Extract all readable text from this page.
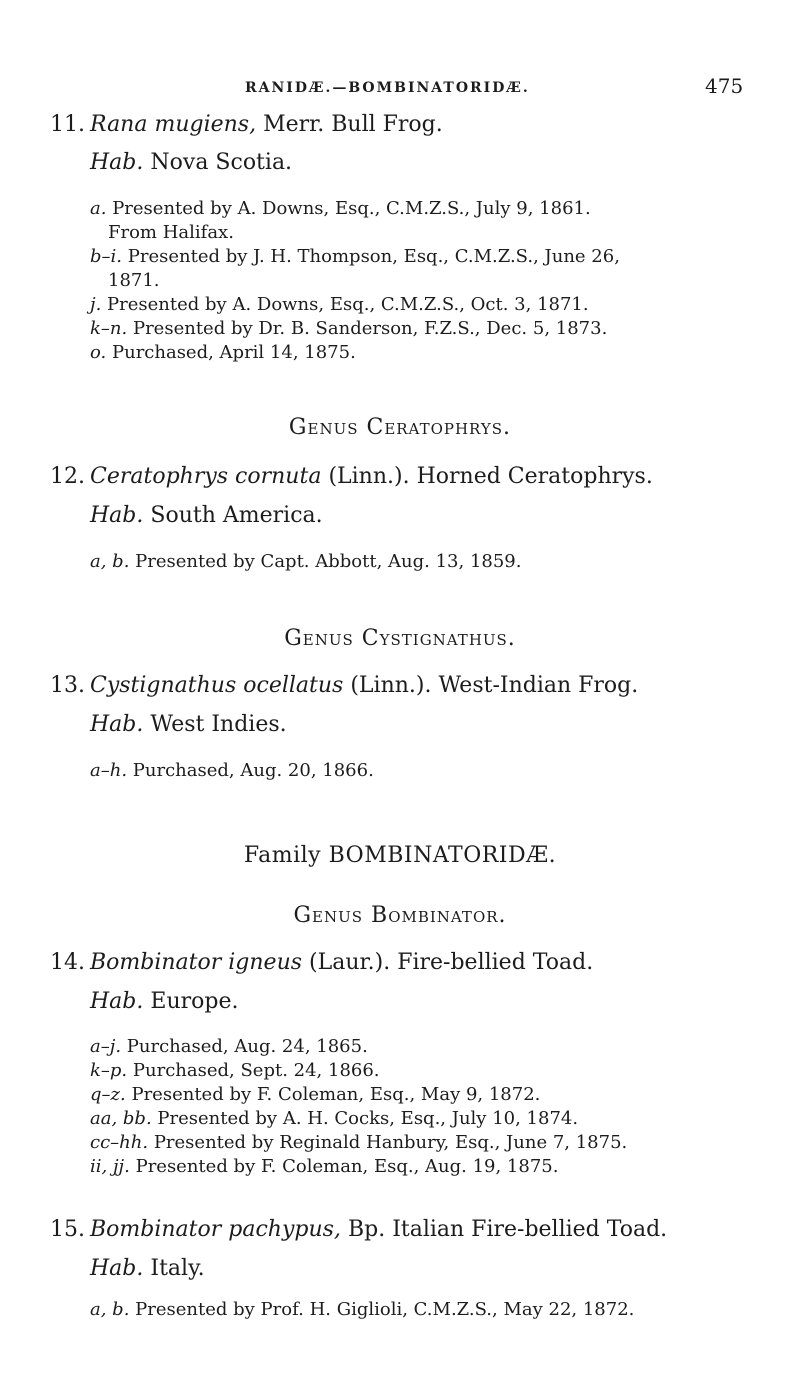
RANIDÆ.—BOMBINATORIDÆ.	475
11. Rana mugiens, Merr. Bull Frog.
Hab. Nova Scotia.
a. Presented by A. Downs, Esq., C.M.Z.S., July 9, 1861.
From Halifax.
b–i. Presented by J. H. Thompson, Esq., C.M.Z.S., June 26,
1871.
j. Presented by A. Downs, Esq., C.M.Z.S., Oct. 3, 1871.
k–n. Presented by Dr. B. Sanderson, F.Z.S., Dec. 5, 1873.
o. Purchased, April 14, 1875.
Genus Ceratophrys.
12. Ceratophrys cornuta (Linn.). Horned Ceratophrys.
Hab. South America.
a, b. Presented by Capt. Abbott, Aug. 13, 1859.
Genus Cystignathus.
13. Cystignathus ocellatus (Linn.). West-Indian Frog.
Hab. West Indies.
a–h. Purchased, Aug. 20, 1866.
Family BOMBINATORIDÆ.
Genus Bombinator.
14. Bombinator igneus (Laur.). Fire-bellied Toad.
Hab. Europe.
a–j. Purchased, Aug. 24, 1865.
k–p. Purchased, Sept. 24, 1866.
q–z. Presented by F. Coleman, Esq., May 9, 1872.
aa, bb. Presented by A. H. Cocks, Esq., July 10, 1874.
cc–hh. Presented by Reginald Hanbury, Esq., June 7, 1875.
ii, jj. Presented by F. Coleman, Esq., Aug. 19, 1875.
15. Bombinator pachypus, Bp. Italian Fire-bellied Toad.
Hab. Italy.
a, b. Presented by Prof. H. Giglioli, C.M.Z.S., May 22, 1872.
